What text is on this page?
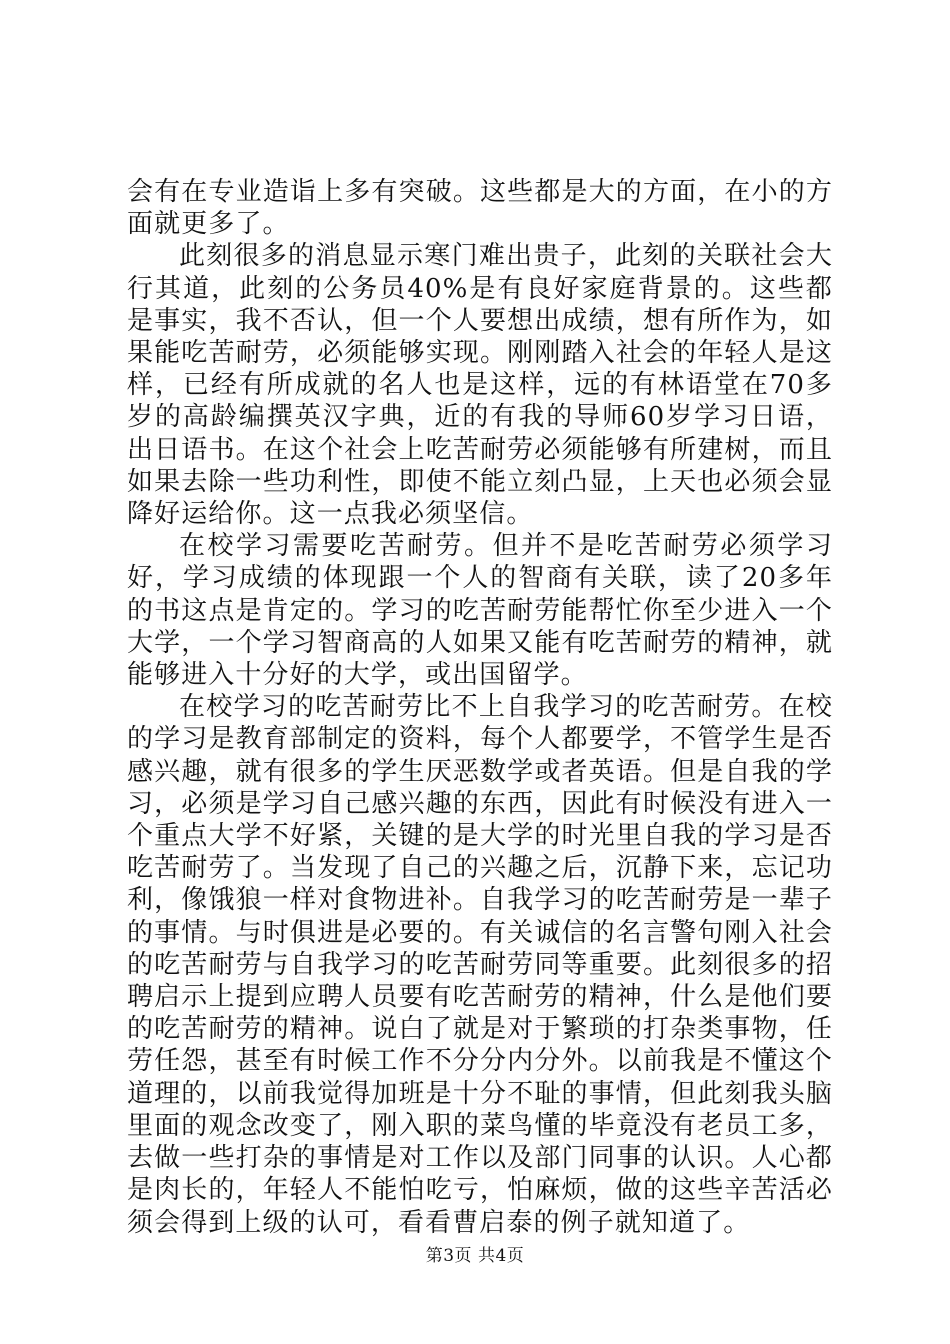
会有在专业造诣上多有突破。这些都是大的方面，在小的方面就更多了。

此刻很多的消息显示寒门难出贵子，此刻的关联社会大行其道，此刻的公务员40%是有良好家庭背景的。这些都是事实，我不否认，但一个人要想出成绩，想有所作为，如果能吃苦耐劳，必须能够实现。刚刚踏入社会的年轻人是这样，已经有所成就的名人也是这样，远的有林语堂在70多岁的高龄编撰英汉字典，近的有我的导师60岁学习日语，出日语书。在这个社会上吃苦耐劳必须能够有所建树，而且如果去除一些功利性，即使不能立刻凸显，上天也必须会显降好运给你。这一点我必须坚信。

在校学习需要吃苦耐劳。但并不是吃苦耐劳必须学习好，学习成绩的体现跟一个人的智商有关联，读了20多年的书这点是肯定的。学习的吃苦耐劳能帮忙你至少进入一个大学，一个学习智商高的人如果又能有吃苦耐劳的精神，就能够进入十分好的大学，或出国留学。

在校学习的吃苦耐劳比不上自我学习的吃苦耐劳。在校的学习是教育部制定的资料，每个人都要学，不管学生是否感兴趣，就有很多的学生厌恶数学或者英语。但是自我的学习，必须是学习自己感兴趣的东西，因此有时候没有进入一个重点大学不好紧，关键的是大学的时光里自我的学习是否吃苦耐劳了。当发现了自己的兴趣之后，沉静下来，忘记功利，像饿狼一样对食物进补。自我学习的吃苦耐劳是一辈子的事情。与时俱进是必要的。有关诚信的名言警句刚入社会的吃苦耐劳与自我学习的吃苦耐劳同等重要。此刻很多的招聘启示上提到应聘人员要有吃苦耐劳的精神，什么是他们要的吃苦耐劳的精神。说白了就是对于繁琐的打杂类事物，任劳任怨，甚至有时候工作不分分内分外。以前我是不懂这个道理的，以前我觉得加班是十分不耻的事情，但此刻我头脑里面的观念改变了，刚入职的菜鸟懂的毕竟没有老员工多，去做一些打杂的事情是对工作以及部门同事的认识。人心都是肉长的，年轻人不能怕吃亏，怕麻烦，做的这些辛苦活必须会得到上级的认可，看看曹启泰的例子就知道了。

第3页 共4页
